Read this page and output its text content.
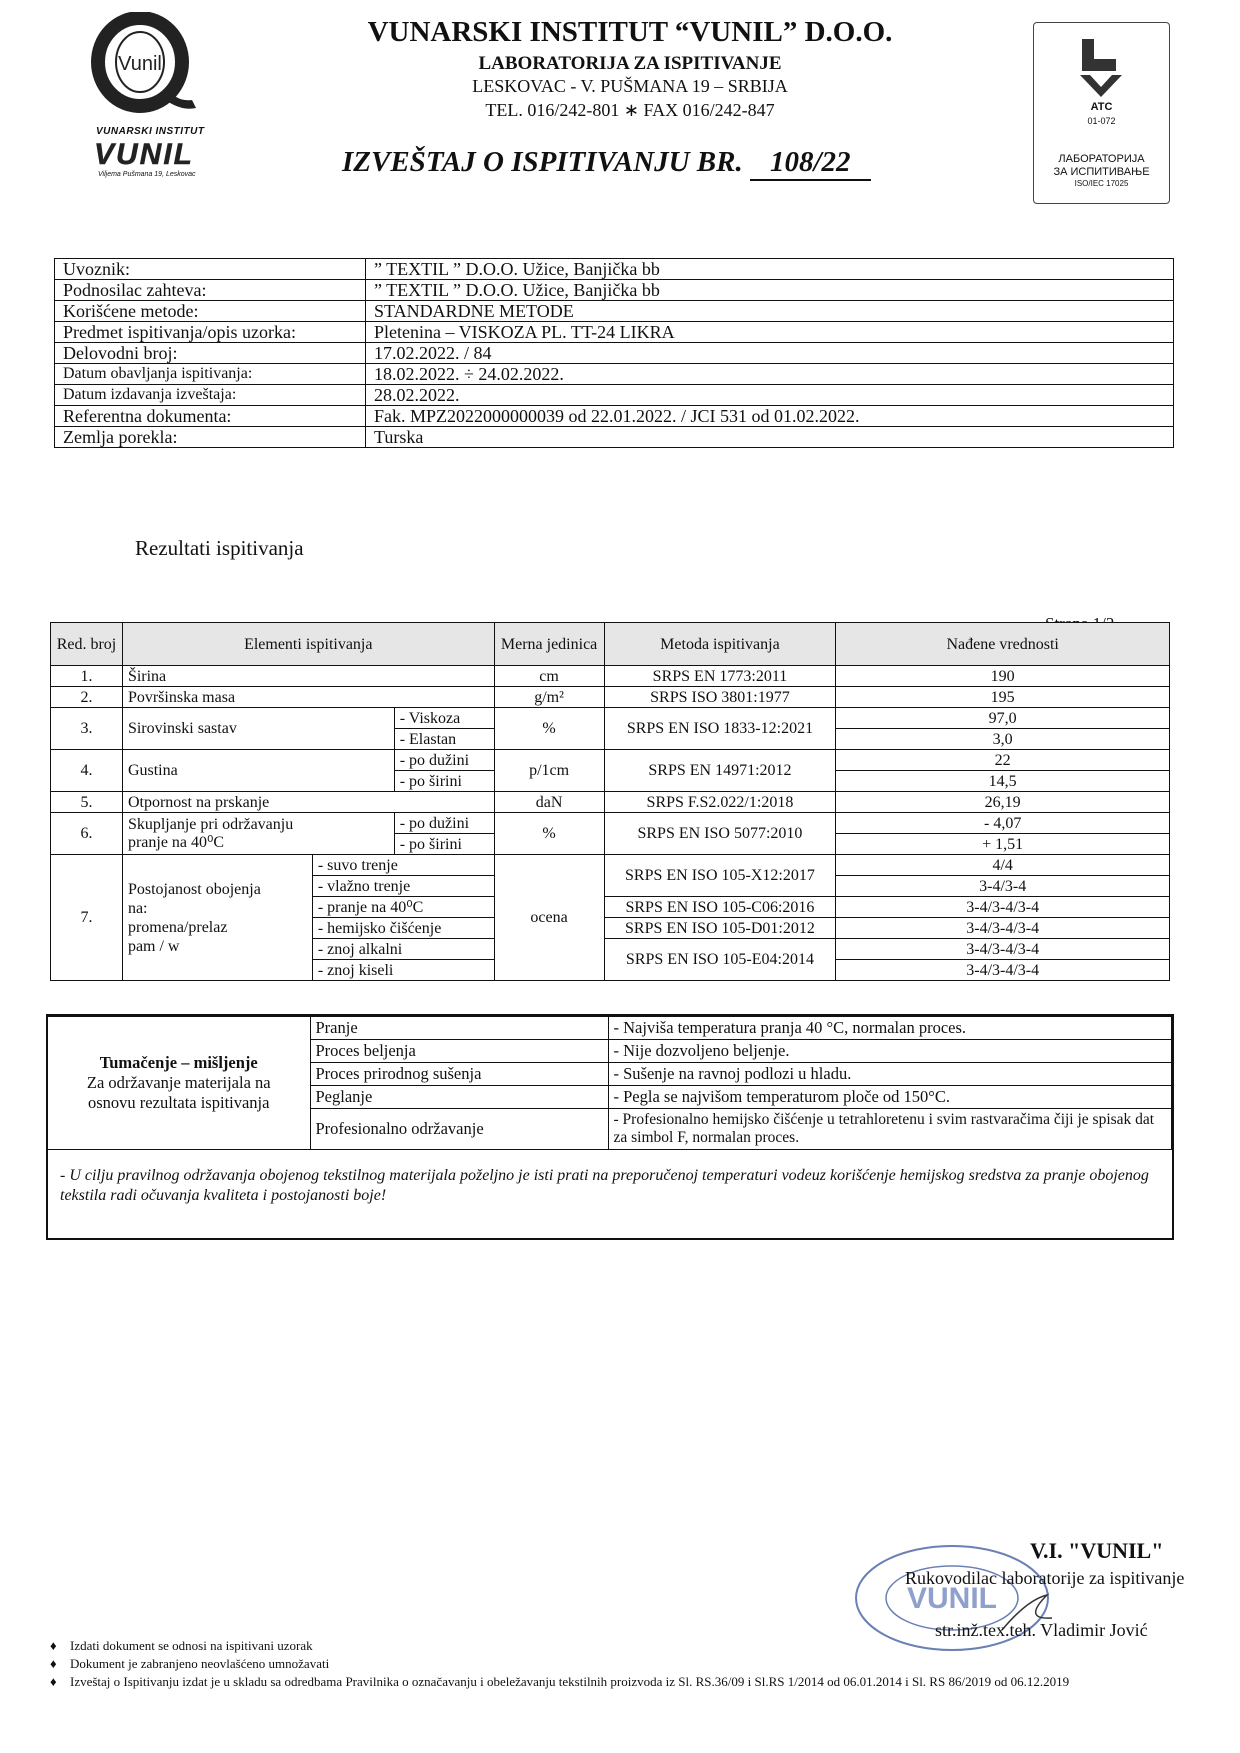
Vunil
VUNARSKI INSTITUT
VUNIL
Viljema Pušmana 19, Leskovac
VUNARSKI INSTITUT “VUNIL” D.O.O.
LABORATORIJA ZA ISPITIVANJE
LESKOVAC - V. PUŠMANA 19 – SRBIJA
TEL. 016/242-801 ∗ FAX 016/242-847
IZVEŠTAJ O ISPITIVANJU BR. 108/22
ATC
01-072
ЛАБОРАТОРИЈА
ЗА ИСПИТИВАЊЕ
ISO/IEC 17025
Uvoznik:	” TEXTIL ” D.O.O. Užice, Banjička bb
Podnosilac zahteva:	” TEXTIL ” D.O.O. Užice, Banjička bb
Korišćene metode:	STANDARDNE METODE
Predmet ispitivanja/opis uzorka:	Pletenina – VISKOZA PL. TT-24 LIKRA
Delovodni broj:	17.02.2022. / 84
Datum obavljanja ispitivanja:	18.02.2022. ÷ 24.02.2022.
Datum izdavanja izveštaja:	28.02.2022.
Referentna dokumenta:	Fak. MPZ2022000000039 od 22.01.2022. / JCI 531 od 01.02.2022.
Zemlja porekla:	Turska
Rezultati ispitivanja
Red. broj	Elementi ispitivanja			Merna jedinica	Metoda ispitivanja	Nađene vrednosti
1.	Širina			cm	SRPS EN 1773:2011	190
2.	Površinska masa			g/m²	SRPS ISO 3801:1977	195
3.	Sirovinski sastav		- Viskoza	%	SRPS EN ISO 1833-12:2021	97,0
			- Elastan			3,0
4.	Gustina		- po dužini	p/1cm	SRPS EN 14971:2012	22
			- po širini			14,5
5.	Otpornost na prskanje			daN	SRPS F.S2.022/1:2018	26,19
6.	Skupljanje pri održavanju
pranje na 40⁰C		- po dužini	%	SRPS EN ISO 5077:2010	- 4,07
			- po širini			+ 1,51
7.	Postojanost obojenja
na:
promena/prelaz
pam / w	- suvo trenje		ocena	SRPS EN ISO 105-X12:2017	4/4
		- vlažno trenje				3-4/3-4
		- pranje na 40⁰C			SRPS EN ISO 105-C06:2016	3-4/3-4/3-4
		- hemijsko čišćenje			SRPS EN ISO 105-D01:2012	3-4/3-4/3-4
		- znoj alkalni			SRPS EN ISO 105-E04:2014	3-4/3-4/3-4
		- znoj kiseli				3-4/3-4/3-4
Tumačenje – mišljenje
Za održavanje materijala na
osnovu rezultata ispitivanja	Pranje	- Najviša temperatura pranja 40 °C, normalan proces.
	Proces beljenja	- Nije dozvoljeno beljenje.
	Proces prirodnog sušenja	- Sušenje na ravnoj podlozi u hladu.
	Peglanje	- Pegla se najvišom temperaturom ploče od 150°C.
	Profesionalno održavanje	- Profesionalno hemijsko čišćenje u tetrahloretenu i svim rastvaračima čiji je spisak dat za simbol F, normalan proces.
- U cilju pravilnog održavanja obojenog tekstilnog materijala poželjno je isti prati na preporučenoj temperaturi vodeuz korišćenje hemijskog sredstva za pranje obojenog tekstila radi očuvanja kvaliteta i postojanosti boje!
VUNIL
V.I. "VUNIL"
Rukovodilac laboratorije za ispitivanje
str.inž.tex.teh. Vladimir Jović
♦ Izdati dokument se odnosi na ispitivani uzorak
♦ Dokument je zabranjeno neovlašćeno umnožavati
♦ Izveštaj o Ispitivanju izdat je u skladu sa odredbama Pravilnika o označavanju i obeležavanju tekstilnih proizvoda iz Sl. RS.36/09 i Sl.RS 1/2014 od 06.01.2014 i Sl. RS 86/2019 od 06.12.2019
